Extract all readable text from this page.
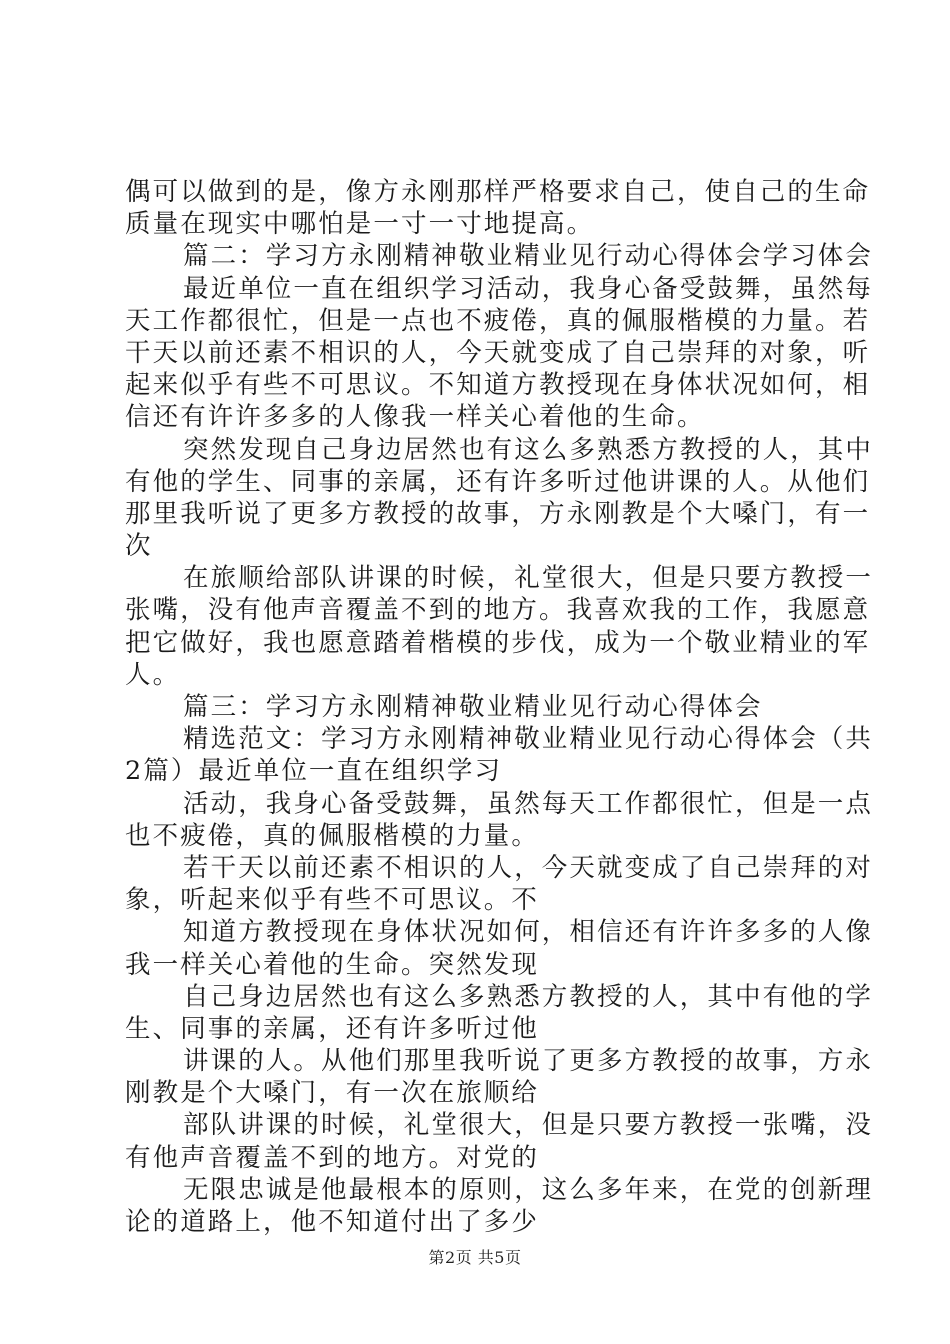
偶可以做到的是，像方永刚那样严格要求自己，使自己的生命
质量在现实中哪怕是一寸一寸地提高。
篇二：学习方永刚精神敬业精业见行动心得体会学习体会
最近单位一直在组织学习活动，我身心备受鼓舞，虽然每
天工作都很忙，但是一点也不疲倦，真的佩服楷模的力量。若
干天以前还素不相识的人，今天就变成了自己崇拜的对象，听
起来似乎有些不可思议。不知道方教授现在身体状况如何，相
信还有许许多多的人像我一样关心着他的生命。
突然发现自己身边居然也有这么多熟悉方教授的人，其中
有他的学生、同事的亲属，还有许多听过他讲课的人。从他们
那里我听说了更多方教授的故事，方永刚教是个大嗓门，有一
次
在旅顺给部队讲课的时候，礼堂很大，但是只要方教授一
张嘴，没有他声音覆盖不到的地方。我喜欢我的工作，我愿意
把它做好，我也愿意踏着楷模的步伐，成为一个敬业精业的军
人。
篇三：学习方永刚精神敬业精业见行动心得体会
精选范文：学习方永刚精神敬业精业见行动心得体会（共
2篇）最近单位一直在组织学习
活动，我身心备受鼓舞，虽然每天工作都很忙，但是一点
也不疲倦，真的佩服楷模的力量。
若干天以前还素不相识的人，今天就变成了自己崇拜的对
象，听起来似乎有些不可思议。不
知道方教授现在身体状况如何，相信还有许许多多的人像
我一样关心着他的生命。突然发现
自己身边居然也有这么多熟悉方教授的人，其中有他的学
生、同事的亲属，还有许多听过他
讲课的人。从他们那里我听说了更多方教授的故事，方永
刚教是个大嗓门，有一次在旅顺给
部队讲课的时候，礼堂很大，但是只要方教授一张嘴，没
有他声音覆盖不到的地方。对党的
无限忠诚是他最根本的原则，这么多年来，在党的创新理
论的道路上，他不知道付出了多少
第2页 共5页
